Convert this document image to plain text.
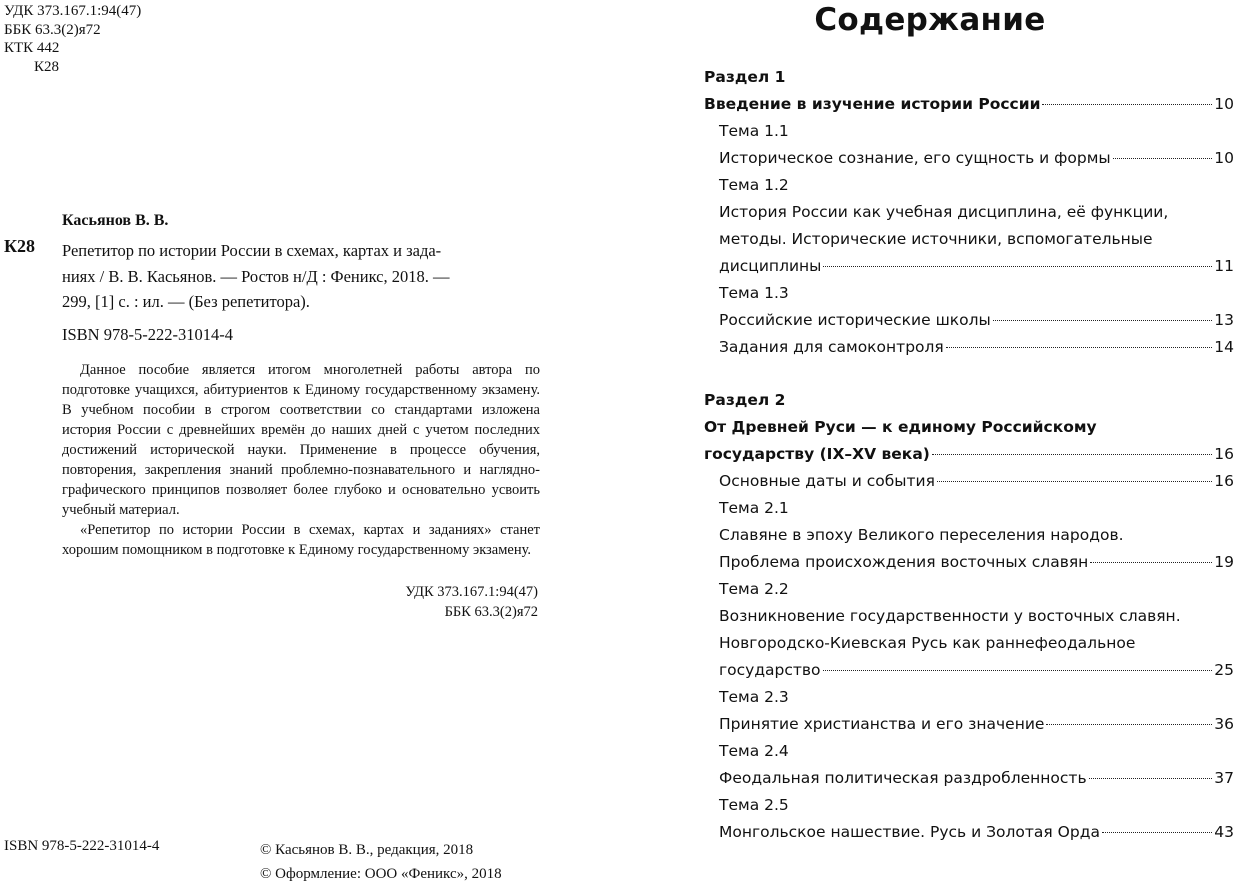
УДК 373.167.1:94(47)
ББК 63.3(2)я72
КТК 442
К28
Касьянов В. В.
К28 Репетитор по истории России в схемах, картах и зада-
ниях / В. В. Касьянов. — Ростов н/Д : Феникс, 2018. —
299, [1] с. : ил. — (Без репетитора).
ISBN 978-5-222-31014-4

Данное пособие является итогом многолетней работы автора по подготовке учащихся, абитуриентов к Единому государственному экзамену. В учебном пособии в строгом соответствии со стандартами изложена история России с древнейших времён до наших дней с учетом последних достижений исторической науки. Применение в процессе обучения, повторения, закрепления знаний проблемно-познавательного и наглядно-графического принципов позволяет более глубоко и основательно усвоить учебный материал.

«Репетитор по истории России в схемах, картах и заданиях» станет хорошим помощником в подготовке к Единому государственному экзамену.

УДК 373.167.1:94(47)
ББК 63.3(2)я72
ISBN 978-5-222-31014-4	© Касьянов В. В., редакция, 2018
© Оформление: ООО «Феникс», 2018
Содержание
Раздел 1
Введение в изучение истории России	10
Тема 1.1
Историческое сознание, его сущность и формы	10
Тема 1.2
История России как учебная дисциплина, её функции,
методы. Исторические источники, вспомогательные
дисциплины	11
Тема 1.3
Российские исторические школы	13
Задания для самоконтроля	14
Раздел 2
От Древней Руси — к единому Российскому
государству (IX–XV века)	16
Основные даты и события	16
Тема 2.1
Славяне в эпоху Великого переселения народов.
Проблема происхождения восточных славян	19
Тема 2.2
Возникновение государственности у восточных славян.
Новгородско-Киевская Русь как раннефеодальное
государство	25
Тема 2.3
Принятие христианства и его значение	36
Тема 2.4
Феодальная политическая раздробленность	37
Тема 2.5
Монгольское нашествие. Русь и Золотая Орда	43
